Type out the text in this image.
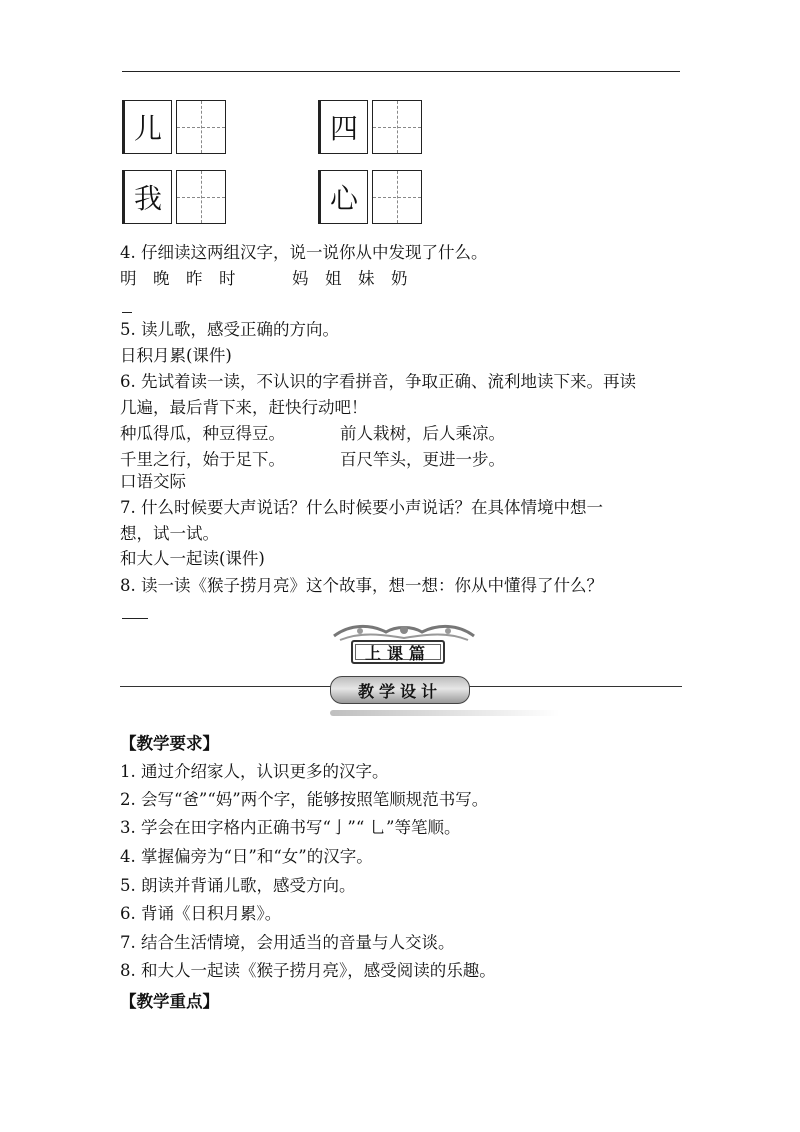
儿	四
我	心
4. 仔细读这两组汉字，说一说你从中发现了什么。
明　晚　昨　时	妈　姐　妹　奶
5. 读儿歌，感受正确的方向。
日积月累(课件)
6. 先试着读一读，不认识的字看拼音，争取正确、流利地读下来。再读
几遍，最后背下来，赶快行动吧！
种瓜得瓜，种豆得豆。	前人栽树，后人乘凉。
千里之行，始于足下。	百尺竿头，更进一步。
口语交际
7. 什么时候要大声说话？什么时候要小声说话？在具体情境中想一
想，试一试。
和大人一起读(课件)
8. 读一读《猴子捞月亮》这个故事，想一想：你从中懂得了什么？
上课篇
教学设计
【教学要求】
1. 通过介绍家人，认识更多的汉字。
2. 会写“爸”“妈”两个字，能够按照笔顺规范书写。
3. 学会在田字格内正确书写“亅”“ 乚”等笔顺。
4. 掌握偏旁为“日”和“女”的汉字。
5. 朗读并背诵儿歌，感受方向。
6. 背诵《日积月累》。
7. 结合生活情境，会用适当的音量与人交谈。
8. 和大人一起读《猴子捞月亮》，感受阅读的乐趣。
【教学重点】
